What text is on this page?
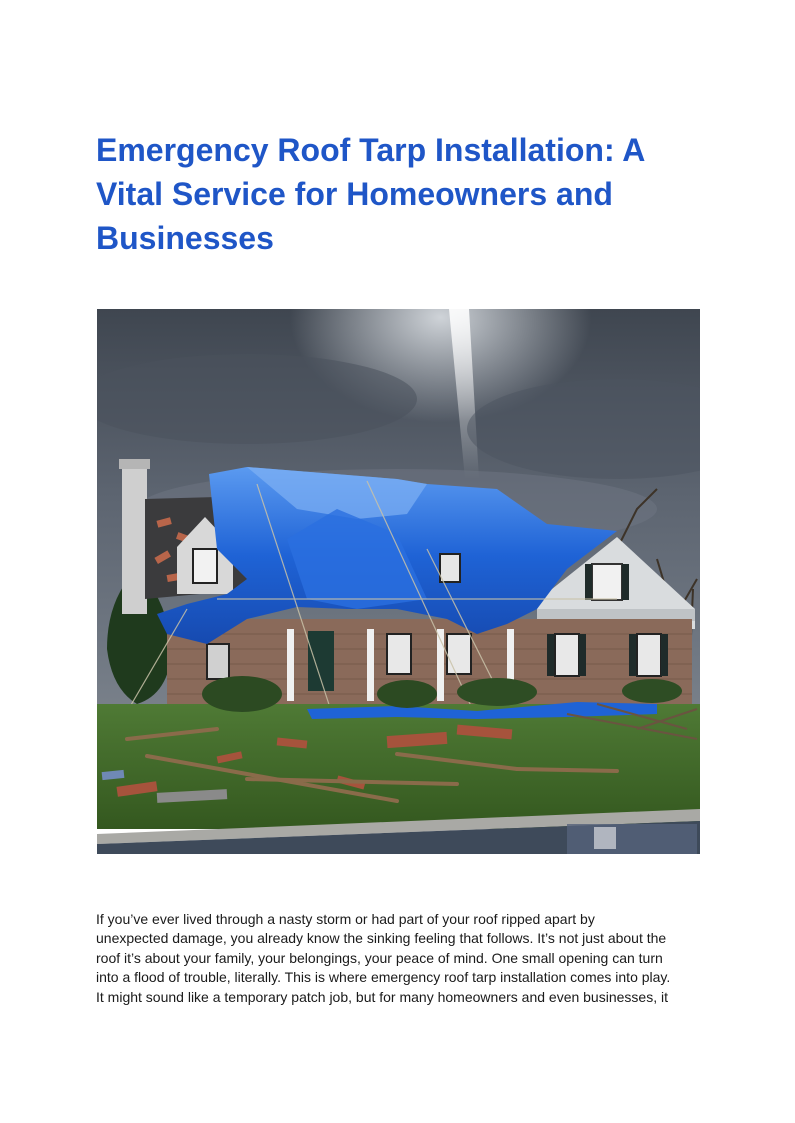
Emergency Roof Tarp Installation: A
Vital Service for Homeowners and
Businesses

If you’ve ever lived through a nasty storm or had part of your roof ripped apart by
unexpected damage, you already know the sinking feeling that follows. It’s not just about the
roof it’s about your family, your belongings, your peace of mind. One small opening can turn
into a flood of trouble, literally. This is where emergency roof tarp installation comes into play.
It might sound like a temporary patch job, but for many homeowners and even businesses, it
